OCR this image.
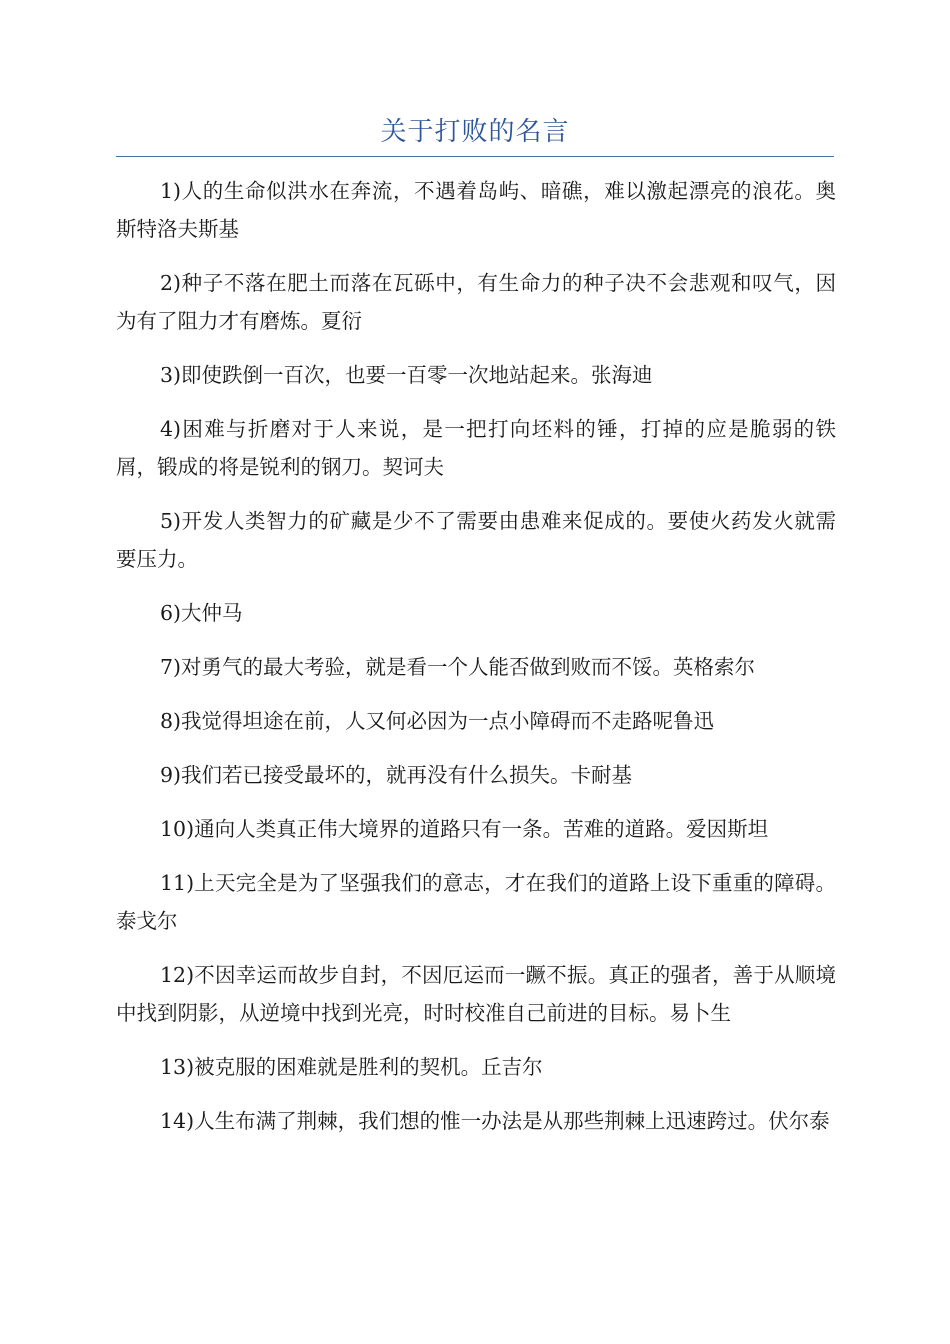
关于打败的名言

1)人的生命似洪水在奔流，不遇着岛屿、暗礁，难以激起漂亮的浪花。奥斯特洛夫斯基

2)种子不落在肥土而落在瓦砾中，有生命力的种子决不会悲观和叹气，因为有了阻力才有磨炼。夏衍

3)即使跌倒一百次，也要一百零一次地站起来。张海迪

4)困难与折磨对于人来说，是一把打向坯料的锤，打掉的应是脆弱的铁屑，锻成的将是锐利的钢刀。契诃夫

5)开发人类智力的矿藏是少不了需要由患难来促成的。要使火药发火就需要压力。

6)大仲马

7)对勇气的最大考验，就是看一个人能否做到败而不馁。英格索尔

8)我觉得坦途在前，人又何必因为一点小障碍而不走路呢鲁迅

9)我们若已接受最坏的，就再没有什么损失。卡耐基

10)通向人类真正伟大境界的道路只有一条。苦难的道路。爱因斯坦

11)上天完全是为了坚强我们的意志，才在我们的道路上设下重重的障碍。泰戈尔

12)不因幸运而故步自封，不因厄运而一蹶不振。真正的强者，善于从顺境中找到阴影，从逆境中找到光亮，时时校准自己前进的目标。易卜生

13)被克服的困难就是胜利的契机。丘吉尔

14)人生布满了荆棘，我们想的惟一办法是从那些荆棘上迅速跨过。伏尔泰
